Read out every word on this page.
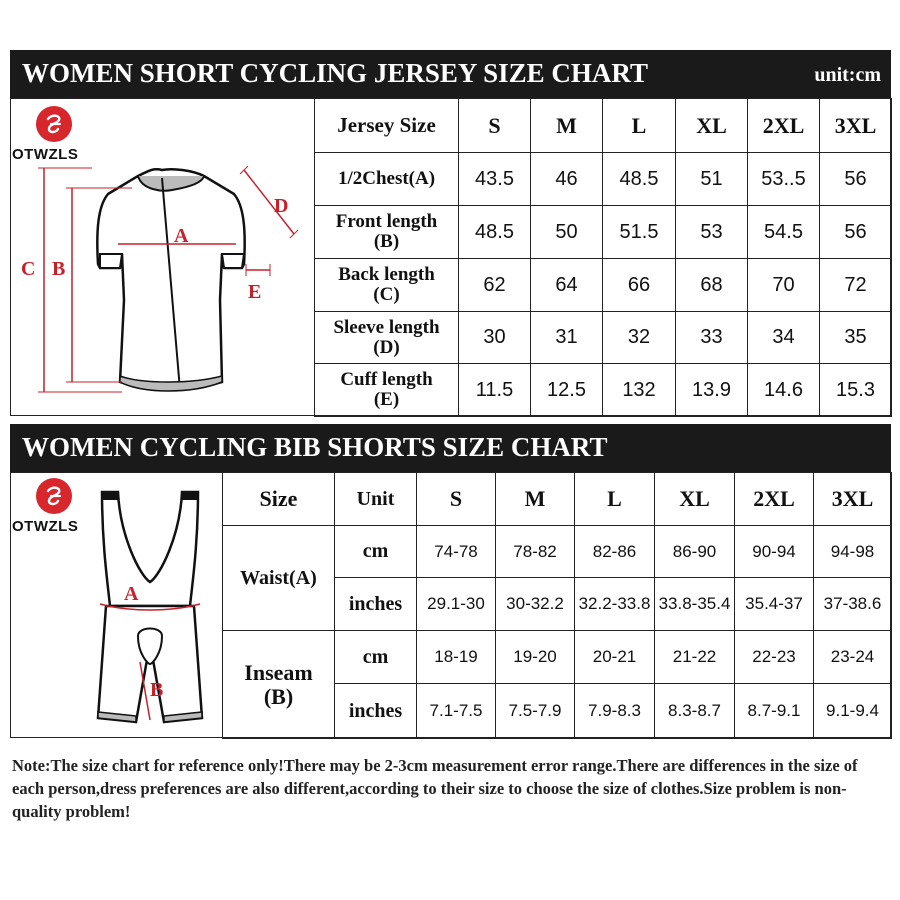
WOMEN SHORT CYCLING JERSEY SIZE CHART	unit:cm
OTWZLS
A
C B
D
E
Jersey Size	S	M	L	XL	2XL	3XL
1/2Chest(A)	43.5	46	48.5	51	53..5	56

Front length
(B)	48.5	50	51.5	53	54.5	56

Back length
(C)	62	64	66	68	70	72

Sleeve length
(D)	30	31	32	33	34	35

Cuff length
(E)	11.5	12.5	132	13.9	14.6	15.3
WOMEN CYCLING BIB SHORTS SIZE CHART
OTWZLS
A
B
Size	Unit	S	M	L	XL	2XL	3XL

Waist(A)	cm	74-78	78-82	82-86	86-90	90-94	94-98
	inches	29.1-30	30-32.2	32.2-33.8	33.8-35.4	35.4-37	37-38.6

Inseam
(B)	cm	18-19	19-20	20-21	21-22	22-23	23-24
	inches	7.1-7.5	7.5-7.9	7.9-8.3	8.3-8.7	8.7-9.1	9.1-9.4

Note:The size chart for reference only!There may be 2-3cm measurement error range.There are differences in the size of each person,dress preferences are also different,according to their size to choose the size of clothes.Size problem is non-quality problem!
